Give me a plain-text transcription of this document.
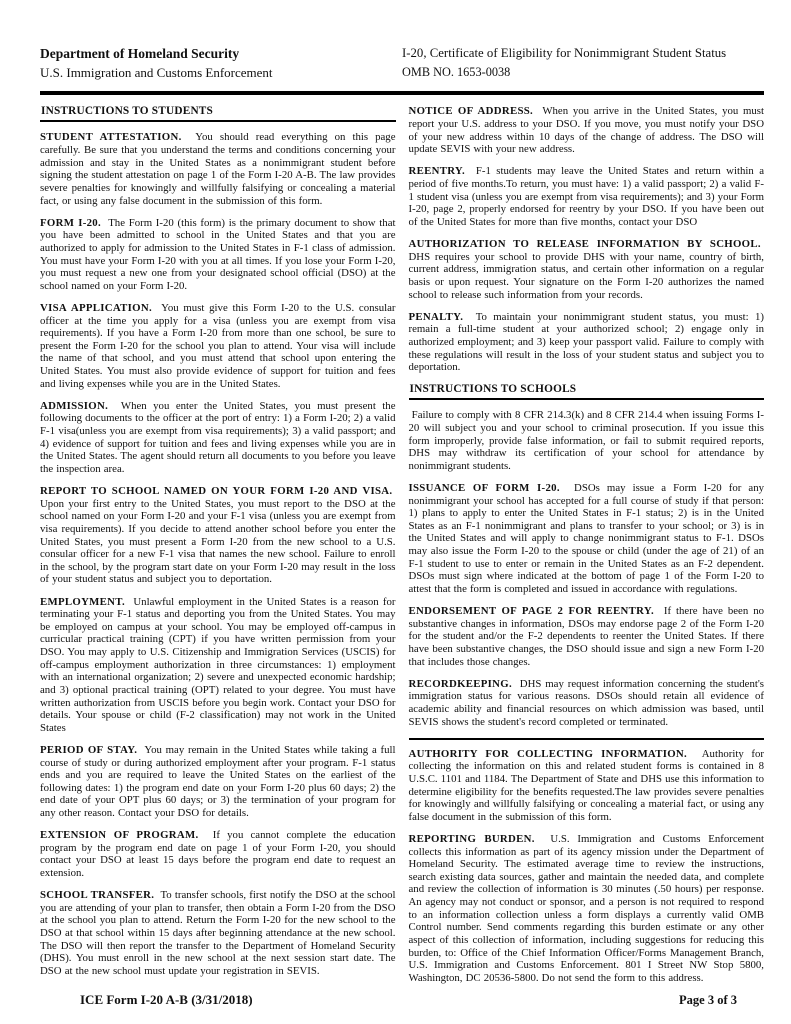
Department of Homeland Security
U.S. Immigration and Customs Enforcement
I-20, Certificate of Eligibility for Nonimmigrant Student Status
OMB NO. 1653-0038
INSTRUCTIONS TO STUDENTS

STUDENT ATTESTATION.  You should read everything on this page carefully. Be sure that you understand the terms and conditions concerning your admission and stay in the United States as a nonimmigrant student before signing the student attestation on page 1 of the Form I-20 A-B. The law provides severe penalties for knowingly and willfully falsifying or concealing a material fact, or using any false document in the submission of this form.

FORM I-20.  The Form I-20 (this form) is the primary document to show that you have been admitted to school in the United States and that you are authorized to apply for admission to the United States in F-1 class of admission. You must have your Form I-20 with you at all times. If you lose your Form I-20, you must request a new one from your designated school official (DSO) at the school named on your Form I-20.

VISA APPLICATION.  You must give this Form I-20 to the U.S. consular officer at the time you apply for a visa (unless you are exempt from visa requirements). If you have a Form I-20 from more than one school, be sure to present the Form I-20 for the school you plan to attend. Your visa will include the name of that school, and you must attend that school upon entering the United States. You must also provide evidence of support for tuition and fees and living expenses while you are in the United States.

ADMISSION.  When you enter the United States, you must present the following documents to the officer at the port of entry: 1) a Form I-20; 2) a valid F-1 visa(unless you are exempt from visa requirements); 3) a valid passport; and 4) evidence of support for tuition and fees and living expenses while you are in the United States. The agent should return all documents to you before you leave the inspection area.

REPORT TO SCHOOL NAMED ON YOUR FORM I-20 AND VISA.  Upon your first entry to the United States, you must report to the DSO at the school named on your Form I-20 and your F-1 visa (unless you are exempt from visa requirements). If you decide to attend another school before you enter the United States, you must present a Form I-20 from the new school to a U.S. consular officer for a new F-1 visa that names the new school. Failure to enroll in the school, by the program start date on your Form I-20 may result in the loss of your student status and subject you to deportation.

EMPLOYMENT.  Unlawful employment in the United States is a reason for terminating your F-1 status and deporting you from the United States. You may be employed on campus at your school. You may be employed off-campus in curricular practical training (CPT) if you have written permission from your DSO. You may apply to U.S. Citizenship and Immigration Services (USCIS) for off-campus employment authorization in three circumstances: 1) employment with an international organization; 2) severe and unexpected economic hardship; and 3) optional practical training (OPT) related to your degree. You must have written authorization from USCIS before you begin work. Contact your DSO for details. Your spouse or child (F-2 classification) may not work in the United States

PERIOD OF STAY.  You may remain in the United States while taking a full course of study or during authorized employment after your program. F-1 status ends and you are required to leave the United States on the earliest of the following dates: 1) the program end date on your Form I-20 plus 60 days; 2) the end date of your OPT plus 60 days; or 3) the termination of your program for any other reason. Contact your DSO for details.

EXTENSION OF PROGRAM.  If you cannot complete the education program by the program end date on page 1 of your Form I-20, you should contact your DSO at least 15 days before the program end date to request an extension.

SCHOOL TRANSFER.  To transfer schools, first notify the DSO at the school you are attending of your plan to transfer, then obtain a Form I-20 from the DSO at the school you plan to attend. Return the Form I-20 for the new school to the DSO at that school within 15 days after beginning attendance at the new school. The DSO will then report the transfer to the Department of Homeland Security (DHS). You must enroll in the new school at the next session start date. The DSO at the new school must update your registration in SEVIS.

NOTICE OF ADDRESS.  When you arrive in the United States, you must report your U.S. address to your DSO. If you move, you must notify your DSO of your new address within 10 days of the change of address. The DSO will update SEVIS with your new address.

REENTRY.  F-1 students may leave the United States and return within a period of five months.To return, you must have: 1) a valid passport; 2) a valid F-1 student visa (unless you are exempt from visa requirements); and 3) your Form I-20, page 2, properly endorsed for reentry by your DSO. If you have been out of the United States for more than five months, contact your DSO

AUTHORIZATION TO RELEASE INFORMATION BY SCHOOL.  DHS requires your school to provide DHS with your name, country of birth, current address, immigration status, and certain other information on a regular basis or upon request. Your signature on the Form I-20 authorizes the named school to release such information from your records.

PENALTY.  To maintain your nonimmigrant student status, you must: 1) remain a full-time student at your authorized school; 2) engage only in authorized employment; and 3) keep your passport valid. Failure to comply with these regulations will result in the loss of your student status and subject you to deportation.

INSTRUCTIONS TO SCHOOLS

Failure to comply with 8 CFR 214.3(k) and 8 CFR 214.4 when issuing Forms I-20 will subject you and your school to criminal prosecution. If you issue this form improperly, provide false information, or fail to submit required reports, DHS may withdraw its certification of your school for attendance by nonimmigrant students.

ISSUANCE OF FORM I-20.  DSOs may issue a Form I-20 for any nonimmigrant your school has accepted for a full course of study if that person: 1) plans to apply to enter the United States in F-1 status; 2) is in the United States as an F-1 nonimmigrant and plans to transfer to your school; or 3) is in the United States and will apply to change nonimmigrant status to F-1. DSOs may also issue the Form I-20 to the spouse or child (under the age of 21) of an F-1 student to use to enter or remain in the United States as an F-2 dependent. DSOs must sign where indicated at the bottom of page 1 of the Form I-20 to attest that the form is completed and issued in accordance with regulations.

ENDORSEMENT OF PAGE 2 FOR REENTRY.  If there have been no substantive changes in information, DSOs may endorse page 2 of the Form I-20 for the student and/or the F-2 dependents to reenter the United States. If there have been substantive changes, the DSO should issue and sign a new Form I-20 that includes those changes.

RECORDKEEPING.  DHS may request information concerning the student's immigration status for various reasons. DSOs should retain all evidence of academic ability and financial resources on which admission was based, until SEVIS shows the student's record completed or terminated.

AUTHORITY FOR COLLECTING INFORMATION.  Authority for collecting the information on this and related student forms is contained in 8 U.S.C. 1101 and 1184. The Department of State and DHS use this information to determine eligibility for the benefits requested.The law provides severe penalties for knowingly and willfully falsifying or concealing a material fact, or using any false document in the submission of this form.

REPORTING BURDEN.  U.S. Immigration and Customs Enforcement collects this information as part of its agency mission under the Department of Homeland Security. The estimated average time to review the instructions, search existing data sources, gather and maintain the needed data, and complete and review the collection of information is 30 minutes (.50 hours) per response. An agency may not conduct or sponsor, and a person is not required to respond to an information collection unless a form displays a currently valid OMB Control number. Send comments regarding this burden estimate or any other aspect of this collection of information, including suggestions for reducing this burden, to: Office of the Chief Information Officer/Forms Management Branch, U.S. Immigration and Customs Enforcement. 801 I Street NW Stop 5800, Washington, DC 20536-5800. Do not send the form to this address.

ICE Form I-20 A-B (3/31/2018)	Page 3 of 3
